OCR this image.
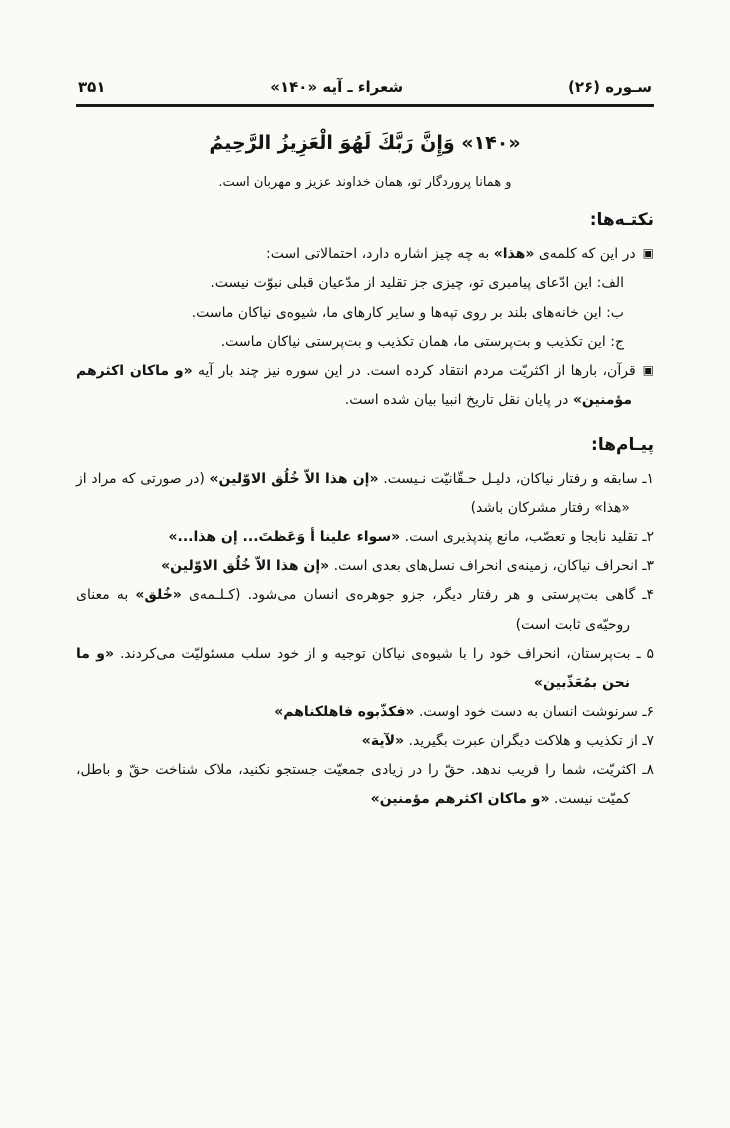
سـوره (۲۶)
شعراء ـ آیه «۱۴۰»
۳۵۱
«۱۴۰» وَإِنَّ رَبَّكَ لَهُوَ الْعَزِيزُ الرَّحِيمُ
و همانا پروردگار تو، همان خداوند عزیز و مهربان است.
نکتـه‌ها:
▣در این که کلمه‌ی «هذا» به چه چیز اشاره دارد، احتمالاتی است:
الف: این ادّعای پیامبری تو، چیزی جز تقلید از مدّعیان قبلی نبوّت نیست.
ب: این خانه‌های بلند بر روی تپه‌ها و سایر کارهای ما، شیوه‌ی نیاکان ماست.
ج: این تکذیب و بت‌پرستی ما، همان تکذیب و بت‌پرستی نیاکان ماست.
▣قرآن، بارها از اکثریّت مردم انتقاد کرده است. در این سوره نیز چند بار آیه «و ماکان اکثرهم مؤمنین» در پایان نقل تاریخ انبیا بیان شده است.
پیـام‌ها:
۱ـ سابقه و رفتار نیاکان، دلیـل حـقّانیّت نـیست. «إن هذا الاّ خُلُق الاوّلین» (در صورتی که مراد از «هذا» رفتار مشرکان باشد)
۲ـ تقلید نابجا و تعصّب، مانع پندپذیری است. «سواء علینا أ وَعَظتَ... إن هذا...»
۳ـ انحراف نیاکان، زمینه‌ی انحراف نسل‌های بعدی است. «إن هذا الاّ خُلُق الاوّلین»
۴ـ گاهی بت‌پرستی و هر رفتار دیگر، جزو جوهره‌ی انسان می‌شود. (کـلـمه‌ی «خُلق» به معنای روحیّه‌ی ثابت است)
۵ ـ بت‌پرستان، انحراف خود را با شیوه‌ی نیاکان توجیه و از خود سلب مسئولیّت می‌کردند. «و ما نحن بمُعَذّبین»
۶ـ سرنوشت انسان به دست خود اوست. «فکذّبوه فاهلکناهم»
۷ـ از تکذیب و هلاکت دیگران عبرت بگیرید. «لآیة»
۸ـ اکثریّت، شما را فریب ندهد. حقّ را در زیادی جمعیّت جستجو نکنید، ملاک شناخت حقّ و باطل، کمیّت نیست. «و ماکان اکثرهم مؤمنین»
